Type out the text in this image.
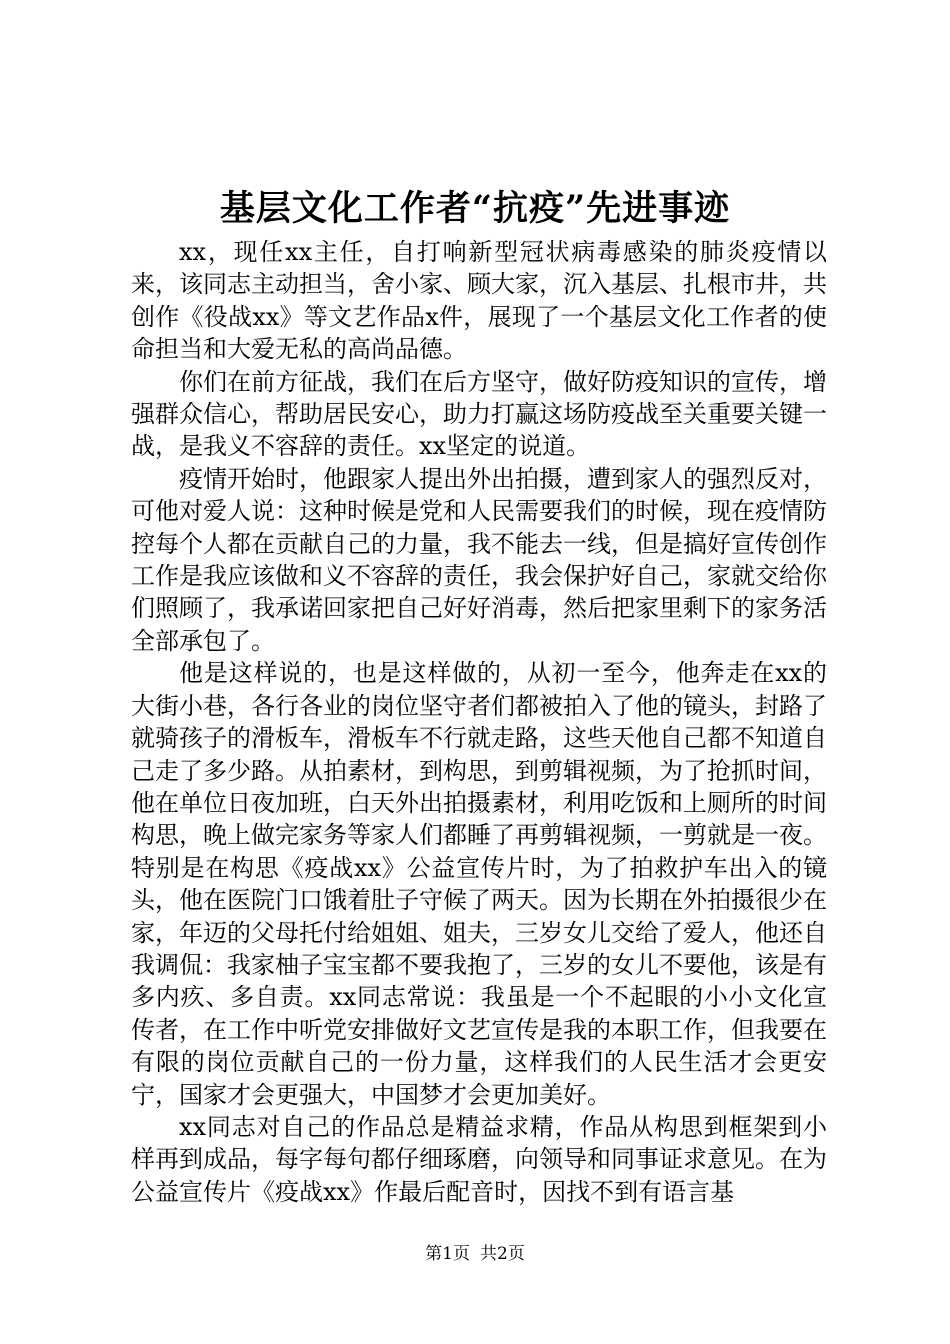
基层文化工作者“抗疫”先进事迹

xx，现任xx主任，自打响新型冠状病毒感染的肺炎疫情以来，该同志主动担当，舍小家、顾大家，沉入基层、扎根市井，共创作《役战xx》等文艺作品x件，展现了一个基层文化工作者的使命担当和大爱无私的高尚品德。

你们在前方征战，我们在后方坚守，做好防疫知识的宣传，增强群众信心，帮助居民安心，助力打赢这场防疫战至关重要关键一战，是我义不容辞的责任。xx坚定的说道。

疫情开始时，他跟家人提出外出拍摄，遭到家人的强烈反对，可他对爱人说：这种时候是党和人民需要我们的时候，现在疫情防控每个人都在贡献自己的力量，我不能去一线，但是搞好宣传创作工作是我应该做和义不容辞的责任，我会保护好自己，家就交给你们照顾了，我承诺回家把自己好好消毒，然后把家里剩下的家务活全部承包了。

他是这样说的，也是这样做的，从初一至今，他奔走在xx的大街小巷，各行各业的岗位坚守者们都被拍入了他的镜头，封路了就骑孩子的滑板车，滑板车不行就走路，这些天他自己都不知道自己走了多少路。从拍素材，到构思，到剪辑视频，为了抢抓时间，他在单位日夜加班，白天外出拍摄素材，利用吃饭和上厕所的时间构思，晚上做完家务等家人们都睡了再剪辑视频，一剪就是一夜。特别是在构思《疫战xx》公益宣传片时，为了拍救护车出入的镜头，他在医院门口饿着肚子守候了两天。因为长期在外拍摄很少在家，年迈的父母托付给姐姐、姐夫，三岁女儿交给了爱人，他还自我调侃：我家柚子宝宝都不要我抱了，三岁的女儿不要他，该是有多内疚、多自责。xx同志常说：我虽是一个不起眼的小小文化宣传者，在工作中听党安排做好文艺宣传是我的本职工作，但我要在有限的岗位贡献自己的一份力量，这样我们的人民生活才会更安宁，国家才会更强大，中国梦才会更加美好。

xx同志对自己的作品总是精益求精，作品从构思到框架到小样再到成品，每字每句都仔细琢磨，向领导和同事证求意见。在为公益宣传片《疫战xx》作最后配音时，因找不到有语言基

第1页 共2页
